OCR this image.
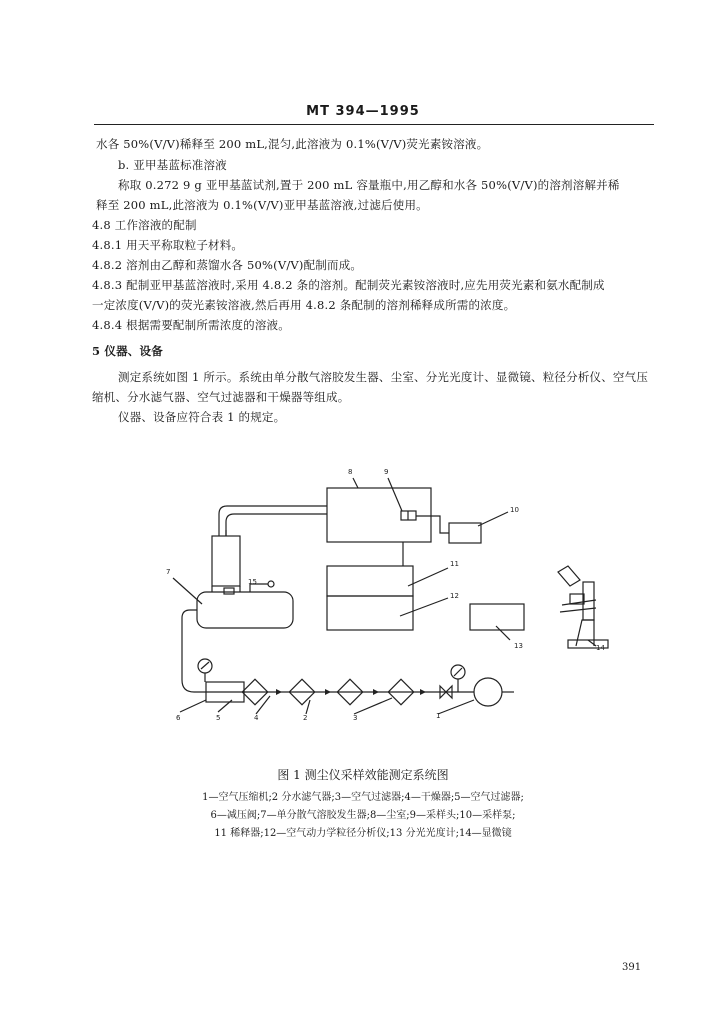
MT 394—1995
水各 50%(V/V)稀释至 200 mL,混匀,此溶液为 0.1%(V/V)荧光素铵溶液。
b. 亚甲基蓝标准溶液
称取 0.272 9 g 亚甲基蓝试剂,置于 200 mL 容量瓶中,用乙醇和水各 50%(V/V)的溶剂溶解并稀
释至 200 mL,此溶液为 0.1%(V/V)亚甲基蓝溶液,过滤后使用。
4.8 工作溶液的配制
4.8.1 用天平称取粒子材料。
4.8.2 溶剂由乙醇和蒸馏水各 50%(V/V)配制而成。
4.8.3 配制亚甲基蓝溶液时,采用 4.8.2 条的溶剂。配制荧光素铵溶液时,应先用荧光素和氨水配制成
一定浓度(V/V)的荧光素铵溶液,然后再用 4.8.2 条配制的溶剂稀释成所需的浓度。
4.8.4 根据需要配制所需浓度的溶液。
5 仪器、设备
测定系统如图 1 所示。系统由单分散气溶胶发生器、尘室、分光光度计、显微镜、粒径分析仪、空气压
缩机、分水滤气器、空气过滤器和干燥器等组成。
仪器、设备应符合表 1 的规定。
1
2	3
4
5
6
7
8	9
10
11
12
13	14
15
图 1 测尘仪采样效能测定系统图
1—空气压缩机;2 分水滤气器;3—空气过滤器;4—干燥器;5—空气过滤器;
6—减压阀;7—单分散气溶胶发生器;8—尘室;9—采样头;10—采样泵;
11 稀释器;12—空气动力学粒径分析仪;13 分光光度计;14—显微镜
391
